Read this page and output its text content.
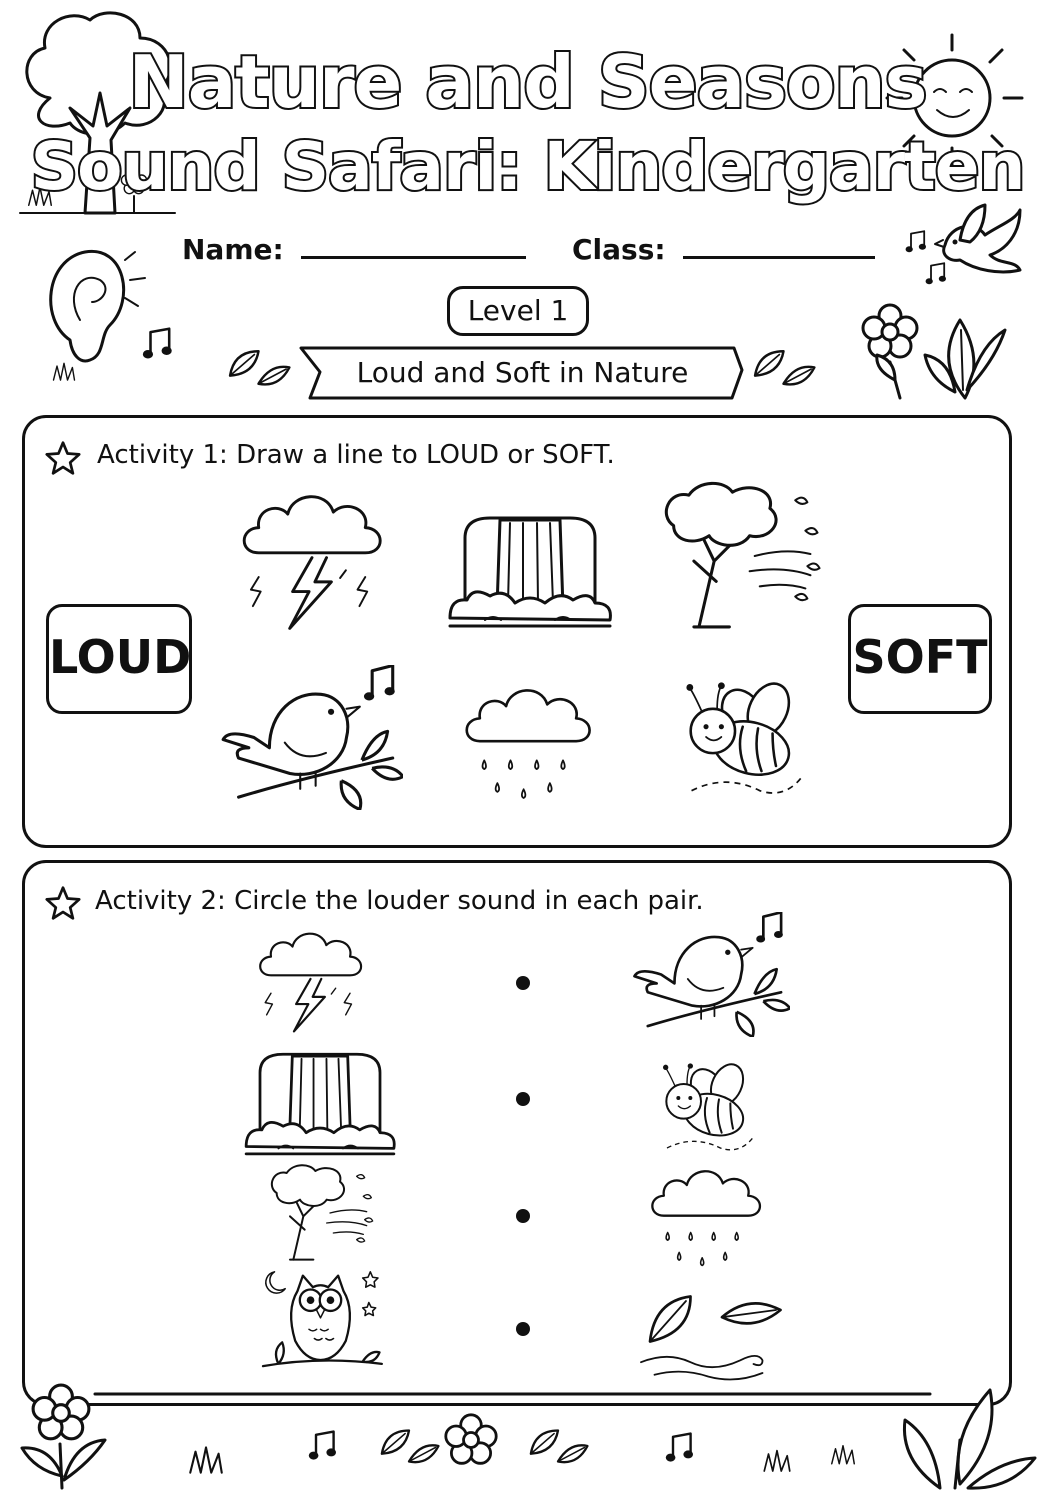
Nature and Seasons
Sound Safari: Kindergarten
Name:	Class:
Level 1
Loud and Soft in Nature
Activity 1: Draw a line to LOUD or SOFT.
LOUD	SOFT
Activity 2: Circle the louder sound in each pair.
